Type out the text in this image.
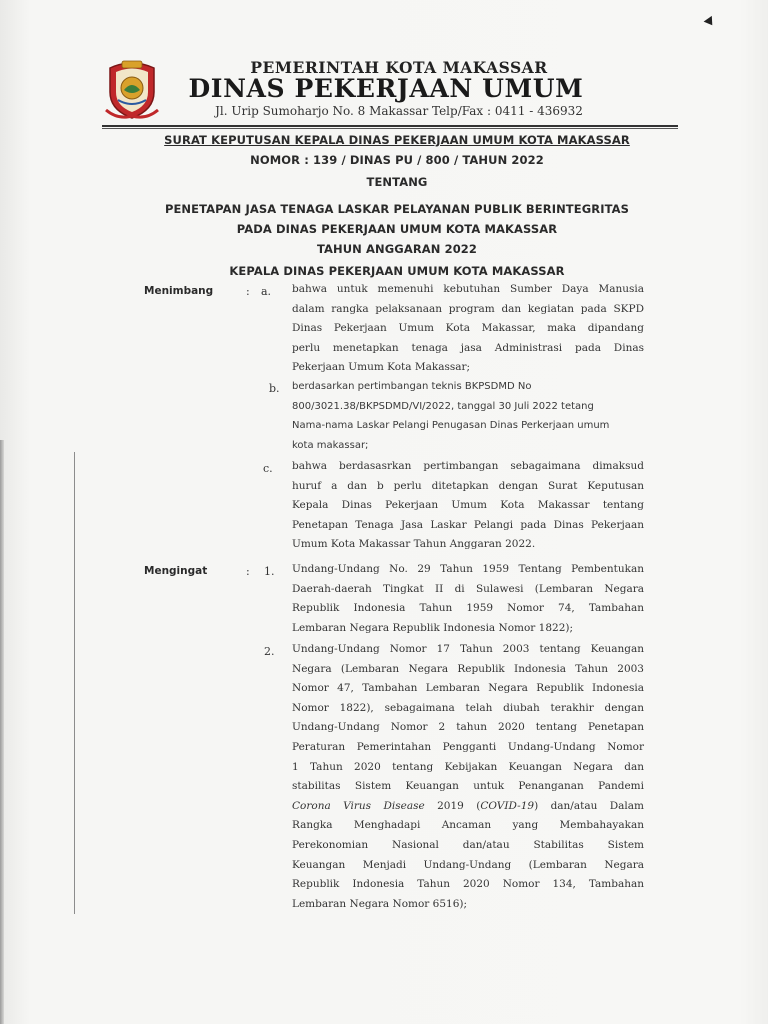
PEMERINTAH KOTA MAKASSAR
DINAS PEKERJAAN UMUM
Jl. Urip Sumoharjo No. 8 Makassar Telp/Fax : 0411 - 436932
SURAT KEPUTUSAN KEPALA DINAS PEKERJAAN UMUM KOTA MAKASSAR
NOMOR : 139 / DINAS PU / 800 / TAHUN 2022
TENTANG
PENETAPAN JASA TENAGA LASKAR PELAYANAN PUBLIK BERINTEGRITAS
PADA DINAS PEKERJAAN UMUM KOTA MAKASSAR
TAHUN ANGGARAN 2022
KEPALA DINAS PEKERJAAN UMUM KOTA MAKASSAR
Menimbang	: a. bahwa untuk memenuhi kebutuhan Sumber Daya Manusia
dalam rangka pelaksanaan program dan kegiatan pada SKPD
Dinas Pekerjaan Umum Kota Makassar, maka dipandang
perlu menetapkan tenaga jasa Administrasi pada Dinas
Pekerjaan Umum Kota Makassar;
b. berdasarkan pertimbangan teknis BKPSDMD No
800/3021.38/BKPSDMD/VI/2022, tanggal 30 Juli 2022 tetang
Nama-nama Laskar Pelangi Penugasan Dinas Perkerjaan umum
kota makassar;
c. bahwa berdasasrkan pertimbangan sebagaimana dimaksud
huruf a dan b perlu ditetapkan dengan Surat Keputusan
Kepala Dinas Pekerjaan Umum Kota Makassar tentang
Penetapan Tenaga Jasa Laskar Pelangi pada Dinas Pekerjaan
Umum Kota Makassar Tahun Anggaran 2022.
Mengingat	: 1. Undang-Undang No. 29 Tahun 1959 Tentang Pembentukan
Daerah-daerah Tingkat II di Sulawesi (Lembaran Negara
Republik Indonesia Tahun 1959 Nomor 74, Tambahan
Lembaran Negara Republik Indonesia Nomor 1822);
2. Undang-Undang Nomor 17 Tahun 2003 tentang Keuangan
Negara (Lembaran Negara Republik Indonesia Tahun 2003
Nomor 47, Tambahan Lembaran Negara Republik Indonesia
Nomor 1822), sebagaimana telah diubah terakhir dengan
Undang-Undang Nomor 2 tahun 2020 tentang Penetapan
Peraturan Pemerintahan Pengganti Undang-Undang Nomor
1 Tahun 2020 tentang Kebijakan Keuangan Negara dan
stabilitas Sistem Keuangan untuk Penanganan Pandemi
Corona Virus Disease 2019 (COVID-19) dan/atau Dalam
Rangka Menghadapi Ancaman yang Membahayakan
Perekonomian Nasional dan/atau Stabilitas Sistem
Keuangan Menjadi Undang-Undang (Lembaran Negara
Republik Indonesia Tahun 2020 Nomor 134, Tambahan
Lembaran Negara Nomor 6516);
